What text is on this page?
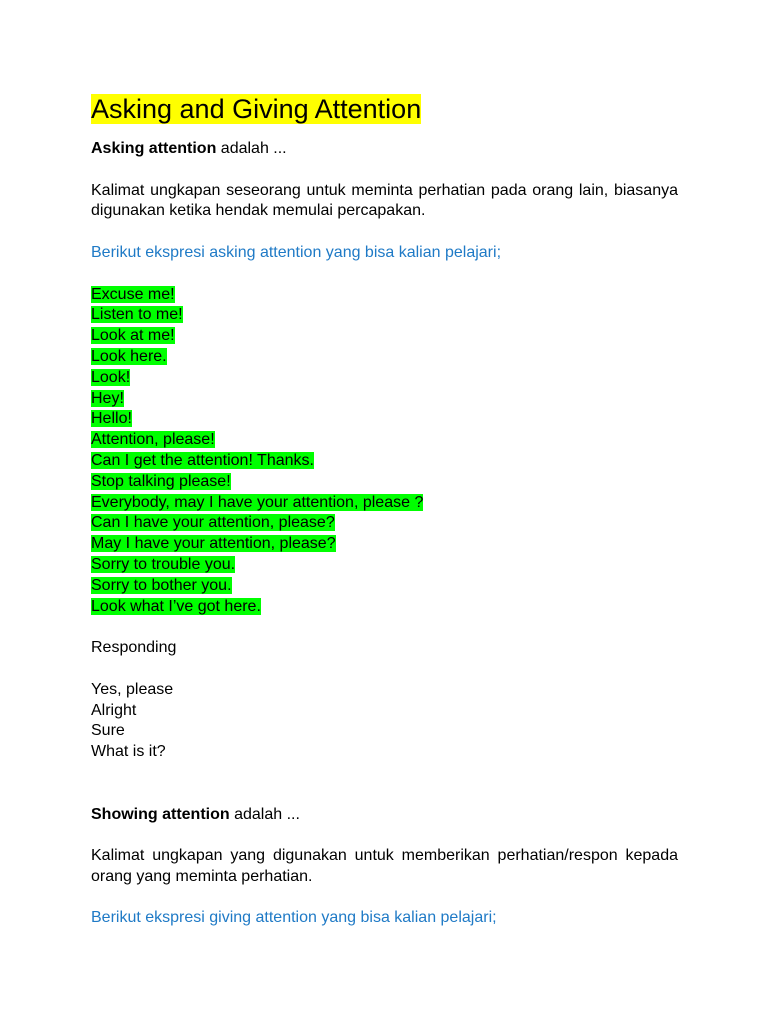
Asking and Giving Attention

Asking attention adalah ...

Kalimat ungkapan seseorang untuk meminta perhatian pada orang lain, biasanya digunakan ketika hendak memulai percapakan.

Berikut ekspresi asking attention yang bisa kalian pelajari;

Excuse me!
Listen to me!
Look at me!
Look here.
Look!
Hey!
Hello!
Attention, please!
Can I get the attention! Thanks.
Stop talking please!
Everybody, may I have your attention, please ?
Can I have your attention, please?
May I have your attention, please?
Sorry to trouble you.
Sorry to bother you.
Look what I’ve got here.

Responding

Yes, please
Alright
Sure
What is it?

Showing attention adalah ...

Kalimat ungkapan yang digunakan untuk memberikan perhatian/respon kepada orang yang meminta perhatian.

Berikut ekspresi giving attention yang bisa kalian pelajari;
